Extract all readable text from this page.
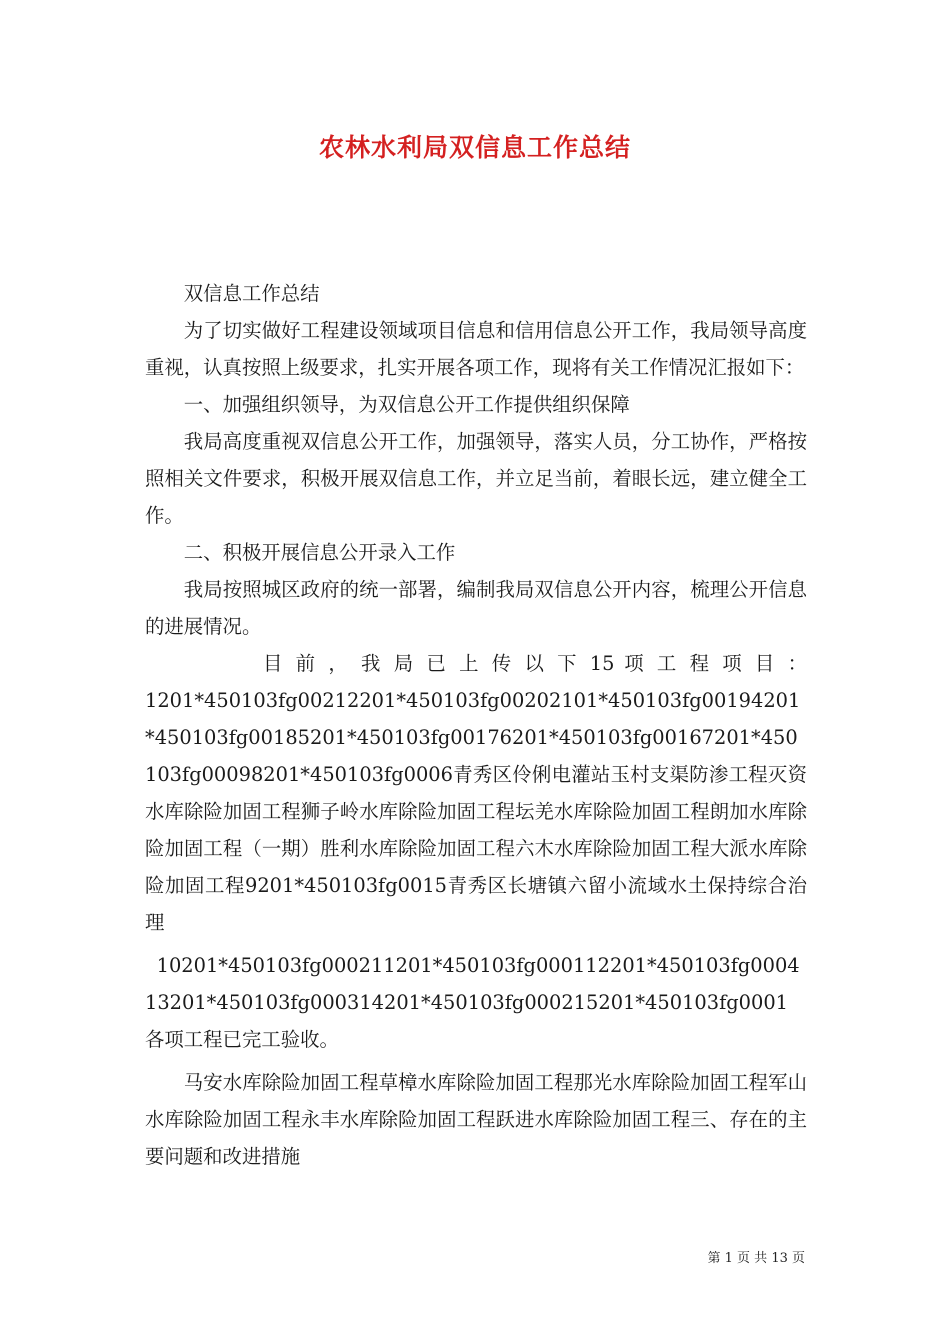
农林水利局双信息工作总结

双信息工作总结

为了切实做好工程建设领域项目信息和信用信息公开工作，我局领导高度重视，认真按照上级要求，扎实开展各项工作，现将有关工作情况汇报如下：

一、加强组织领导，为双信息公开工作提供组织保障

我局高度重视双信息公开工作，加强领导，落实人员，分工协作，严格按照相关文件要求，积极开展双信息工作，并立足当前，着眼长远，建立健全工作。

二、积极开展信息公开录入工作

我局按照城区政府的统一部署，编制我局双信息公开内容，梳理公开信息的进展情况。

目 前 ， 我 局 已 上 传 以 下 15 项 工 程 项 目 ：

1201*450103fg00212201*450103fg00202101*450103fg00194201*450103fg00185201*450103fg00176201*450103fg00167201*450103fg00098201*450103fg0006青秀区伶俐电灌站玉村支渠防渗工程灭资水库除险加固工程狮子岭水库除险加固工程坛羌水库除险加固工程朗加水库除险加固工程（一期）胜利水库除险加固工程六木水库除险加固工程大派水库除险加固工程9201*450103fg0015青秀区长塘镇六留小流域水土保持综合治理

10201*450103fg000211201*450103fg000112201*450103fg000413201*450103fg000314201*450103fg000215201*450103fg0001各项工程已完工验收。

马安水库除险加固工程草樟水库除险加固工程那光水库除险加固工程军山水库除险加固工程永丰水库除险加固工程跃进水库除险加固工程三、存在的主要问题和改进措施

第 1 页 共 13 页
